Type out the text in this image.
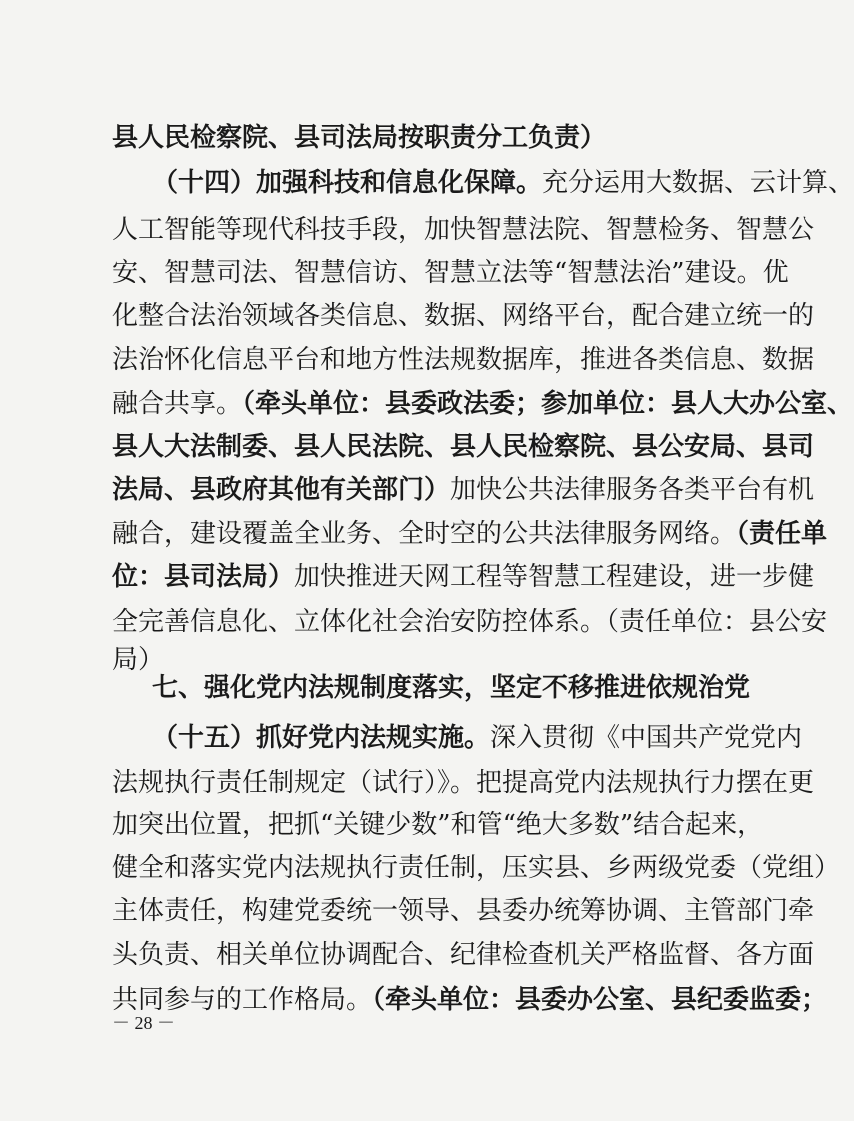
县人民检察院、县司法局按职责分工负责）
（十四）加强科技和信息化保障。充分运用大数据、云计算、
人工智能等现代科技手段，加快智慧法院、智慧检务、智慧公
安、智慧司法、智慧信访、智慧立法等“智慧法治”建设。优
化整合法治领域各类信息、数据、网络平台，配合建立统一的
法治怀化信息平台和地方性法规数据库，推进各类信息、数据
融合共享。（牵头单位：县委政法委；参加单位：县人大办公室、
县人大法制委、县人民法院、县人民检察院、县公安局、县司
法局、县政府其他有关部门）加快公共法律服务各类平台有机
融合，建设覆盖全业务、全时空的公共法律服务网络。（责任单
位：县司法局）加快推进天网工程等智慧工程建设，进一步健
全完善信息化、立体化社会治安防控体系。（责任单位：县公安
局）
七、强化党内法规制度落实，坚定不移推进依规治党
（十五）抓好党内法规实施。深入贯彻《中国共产党党内
法规执行责任制规定（试行）》。把提高党内法规执行力摆在更
加突出位置，把抓“关键少数”和管“绝大多数”结合起来，
健全和落实党内法规执行责任制，压实县、乡两级党委（党组）
主体责任，构建党委统一领导、县委办统筹协调、主管部门牵
头负责、相关单位协调配合、纪律检查机关严格监督、各方面
共同参与的工作格局。（牵头单位：县委办公室、县纪委监委；
－ 28 －
